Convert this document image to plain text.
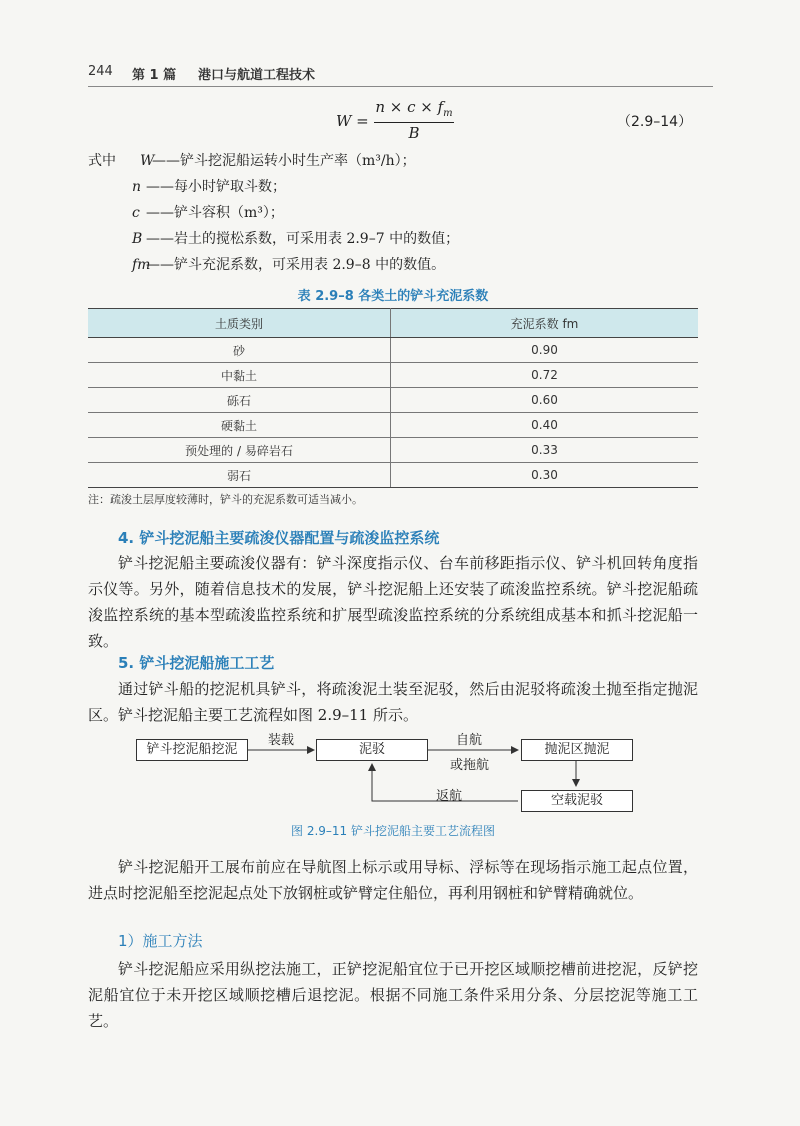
244 第 1 篇 港口与航道工程技术
W =
$n \times c \times f_m$
B
（2.9–14）
式中 W
——铲斗挖泥船运转小时生产率（m³/h）；
n ——每小时铲取斗数；
c ——铲斗容积（m³）；
B ——岩土的搅松系数，可采用表 2.9–7 中的数值；
fm
——铲斗充泥系数，可采用表 2.9–8 中的数值。
表 2.9–8 各类土的铲斗充泥系数
土质类别	充泥系数 fm
砂	0.90
中黏土	0.72
砾石	0.60
硬黏土	0.40
预处理的 / 易碎岩石	0.33
弱石	0.30
注：疏浚土层厚度较薄时，铲斗的充泥系数可适当减小。
4. 铲斗挖泥船主要疏浚仪器配置与疏浚监控系统
铲斗挖泥船主要疏浚仪器有：铲斗深度指示仪、台车前移距指示仪、铲斗机回转角度指示仪等。另外，随着信息技术的发展，铲斗挖泥船上还安装了疏浚监控系统。铲斗挖泥船疏浚监控系统的基本型疏浚监控系统和扩展型疏浚监控系统的分系统组成基本和抓斗挖泥船一致。
5. 铲斗挖泥船施工工艺
通过铲斗船的挖泥机具铲斗，将疏浚泥土装至泥驳，然后由泥驳将疏浚土抛至指定抛泥区。铲斗挖泥船主要工艺流程如图 2.9–11 所示。
铲斗挖泥船挖泥	泥驳	抛泥区抛泥
空载泥驳
装载	自航
或拖航
返航
图 2.9–11 铲斗挖泥船主要工艺流程图
铲斗挖泥船开工展布前应在导航图上标示或用导标、浮标等在现场指示施工起点位置，进点时挖泥船至挖泥起点处下放钢桩或铲臂定住船位，再利用钢桩和铲臂精确就位。
1）施工方法
铲斗挖泥船应采用纵挖法施工，正铲挖泥船宜位于已开挖区域顺挖槽前进挖泥，反铲挖泥船宜位于未开挖区域顺挖槽后退挖泥。根据不同施工条件采用分条、分层挖泥等施工工艺。
